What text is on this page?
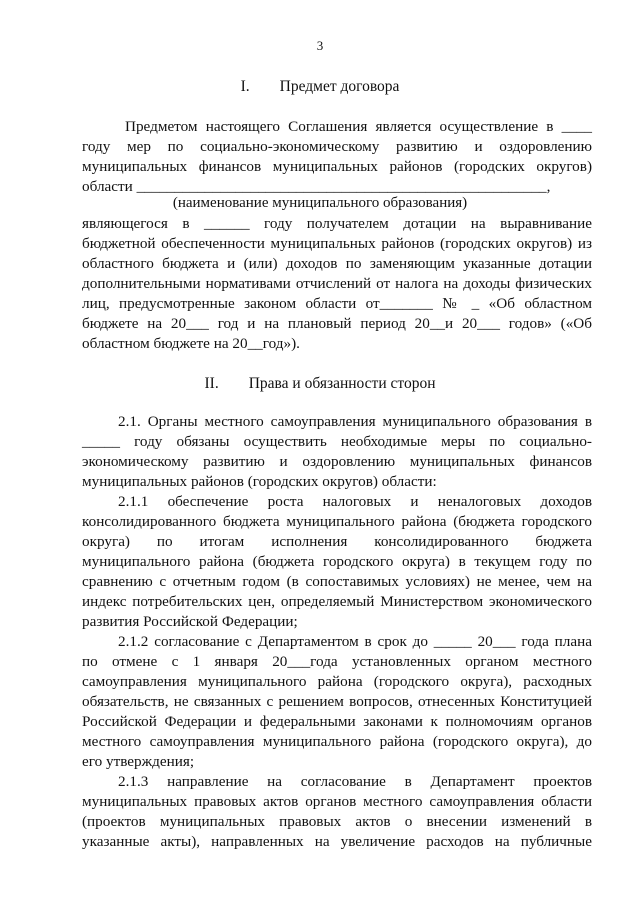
3
I. Предмет договора
Предметом настоящего Соглашения является осуществление в ____
году мер по социально-экономическому развитию и оздоровлению
муниципальных финансов муниципальных районов (городских округов)
области ______________________________________________________,
(наименование муниципального образования)
являющегося в ______ году получателем дотации на выравнивание
бюджетной обеспеченности муниципальных районов (городских округов) из
областного бюджета и (или) доходов по заменяющим указанные дотации
дополнительными нормативами отчислений от налога на доходы физических
лиц, предусмотренные законом области от_______ № _ «Об областном
бюджете на 20___ год и на плановый период 20__и 20___ годов» («Об
областном бюджете на 20__год»).
II. Права и обязанности сторон
2.1. Органы местного самоуправления муниципального образования в
_____ году обязаны осуществить необходимые меры по социально-
экономическому развитию и оздоровлению муниципальных финансов
муниципальных районов (городских округов) области:
2.1.1 обеспечение роста налоговых и неналоговых доходов
консолидированного бюджета муниципального района (бюджета городского
округа) по итогам исполнения консолидированного бюджета
муниципального района (бюджета городского округа) в текущем году по
сравнению с отчетным годом (в сопоставимых условиях) не менее, чем на
индекс потребительских цен, определяемый Министерством экономического
развития Российской Федерации;
2.1.2 согласование с Департаментом в срок до _____ 20___ года плана
по отмене с 1 января 20___года установленных органом местного
самоуправления муниципального района (городского округа), расходных
обязательств, не связанных с решением вопросов, отнесенных Конституцией
Российской Федерации и федеральными законами к полномочиям органов
местного самоуправления муниципального района (городского округа), до
его утверждения;
2.1.3 направление на согласование в Департамент проектов
муниципальных правовых актов органов местного самоуправления области
(проектов муниципальных правовых актов о внесении изменений в
указанные акты), направленных на увеличение расходов на публичные
